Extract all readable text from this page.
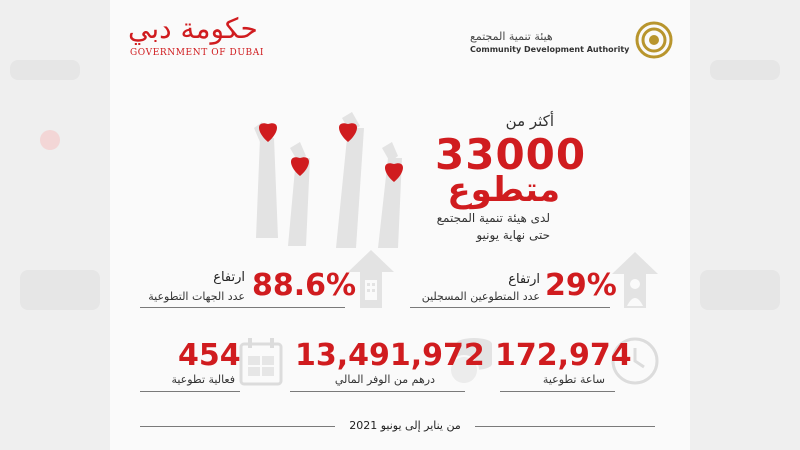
حكومة دبي
GOVERNMENT OF DUBAI
هيئة تنمية المجتمع
Community Development Authority
أكثر من
33000
متطوع
لدى هيئة تنمية المجتمع
حتى نهاية يونيو
29%
ارتفاع
عدد المتطوعين المسجلين
88.6%
ارتفاع
عدد الجهات التطوعية
172,974
ساعة تطوعية
13,491,972
درهم من الوفر المالي
454
فعالية تطوعية
من يناير إلى يونيو 2021
